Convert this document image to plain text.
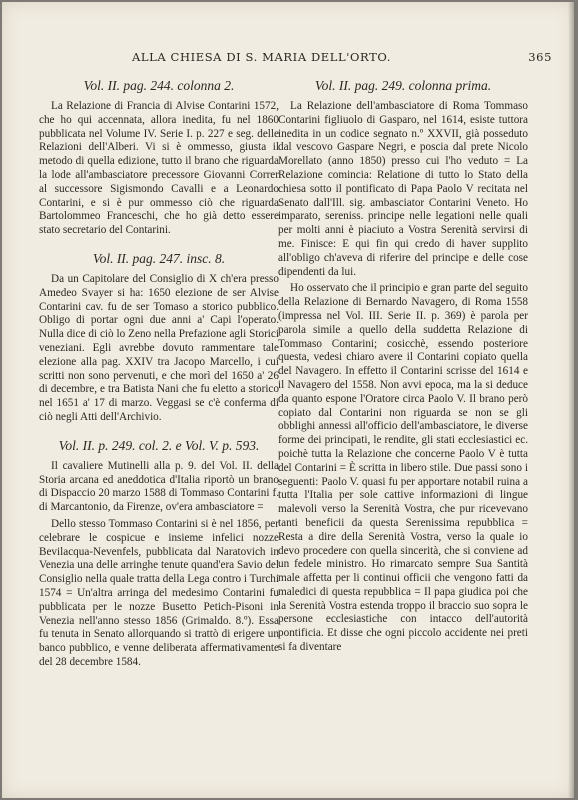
ALLA CHIESA DI S. MARIA DELL'ORTO.	365
Vol. II. pag. 244. colonna 2.

La Relazione di Francia di Alvise Contarini 1572, che ho qui accennata, allora inedita, fu nel 1860 pubblicata nel Volume IV. Serie I. p. 227 e seg. delle Relazioni dell'Alberi. Vi si è ommesso, giusta il metodo di quella edizione, tutto il brano che riguarda la lode all'ambasciatore precessore Giovanni Correr al successore Sigismondo Cavalli e a Leonardo Contarini, e si è pur ommesso ciò che riguarda Bartolommeo Franceschi, che ho già detto essere stato secretario del Contarini.

Vol. II. pag. 247. insc. 8.

Da un Capitolare del Consiglio di X ch'era presso Amedeo Svayer si ha: 1650 elezione de ser Alvise Contarini cav. fu de ser Tomaso a storico pubblico. Obligo di portar ogni due anni a' Capi l'operato. Nulla dice di ciò lo Zeno nella Prefazione agli Storici veneziani. Egli avrebbe dovuto rammentare tale elezione alla pag. XXIV tra Jacopo Marcello, i cui scritti non sono pervenuti, e che morì del 1650 a' 26 di decembre, e tra Batista Nani che fu eletto a storico nel 1651 a' 17 di marzo. Veggasi se c'è conferma di ciò negli Atti dell'Archivio.

Vol. II. p. 249. col. 2. e Vol. V. p. 593.

Il cavaliere Mutinelli alla p. 9. del Vol. II. della Storia arcana ed aneddotica d'Italia riportò un brano di Dispaccio 20 marzo 1588 di Tommaso Contarini f. di Marcantonio, da Firenze, ov'era ambasciatore =

Dello stesso Tommaso Contarini si è nel 1856, per celebrare le cospicue e insieme infelici nozze Bevilacqua-Nevenfels, pubblicata dal Naratovich in Venezia una delle arringhe tenute quand'era Savio del Consiglio nella quale tratta della Lega contro i Turchi 1574 = Un'altra arringa del medesimo Contarini fu pubblicata per le nozze Busetto Petich-Pisoni in Venezia nell'anno stesso 1856 (Grimaldo. 8.º). Essa fu tenuta in Senato allorquando si trattò di erigere un banco pubblico, e venne deliberata affermativamente del 28 decembre 1584.

Vol. II. pag. 249. colonna prima.

La Relazione dell'ambasciatore di Roma Tommaso Contarini figliuolo di Gasparo, nel 1614, esiste tuttora inedita in un codice segnato n.º XXVII, già posseduto dal vescovo Gaspare Negri, e poscia dal prete Nicolo Morellato (anno 1850) presso cui l'ho veduto = La Relazione comincia: Relatione di tutto lo Stato della chiesa sotto il pontificato di Papa Paolo V recitata nel Senato dall'Ill. sig. ambasciator Contarini Veneto. Ho imparato, sereniss. principe nelle legationi nelle quali per molti anni è piaciuto a Vostra Serenità servirsi di me. Finisce: E qui fin qui credo di haver supplito all'obligo ch'aveva di riferire del principe e delle cose dipendenti da lui.

Ho osservato che il principio e gran parte del seguito della Relazione di Bernardo Navagero, di Roma 1558 (impressa nel Vol. III. Serie II. p. 369) è parola per parola simile a quello della suddetta Relazione di Tommaso Contarini; cosicchè, essendo posteriore questa, vedesi chiaro avere il Contarini copiato quella del Navagero. In effetto il Contarini scrisse del 1614 e il Navagero del 1558. Non avvi epoca, ma la si deduce da quanto espone l'Oratore circa Paolo V. Il brano però copiato dal Contarini non riguarda se non se gli obblighi annessi all'officio dell'ambasciatore, le diverse forme dei principati, le rendite, gli stati ecclesiastici ec. poichè tutta la Relazione che concerne Paolo V è tutta del Contarini = È scritta in libero stile. Due passi sono i seguenti: Paolo V. quasi fu per apportare notabil ruina a tutta l'Italia per sole cattive informazioni di lingue malevoli verso la Serenità Vostra, che pur ricevevano tanti beneficii da questa Serenissima repubblica = Resta a dire della Serenità Vostra, verso la quale io devo procedere con quella sincerità, che si conviene ad un fedele ministro. Ho rimarcato sempre Sua Santità male affetta per li continui officii che vengono fatti da maledici di questa repubblica = Il papa giudica poi che la Serenità Vostra estenda troppo il braccio suo sopra le persone ecclesiastiche con intacco dell'autorità pontificia. Et disse che ogni piccolo accidente nei preti si fa diventare
